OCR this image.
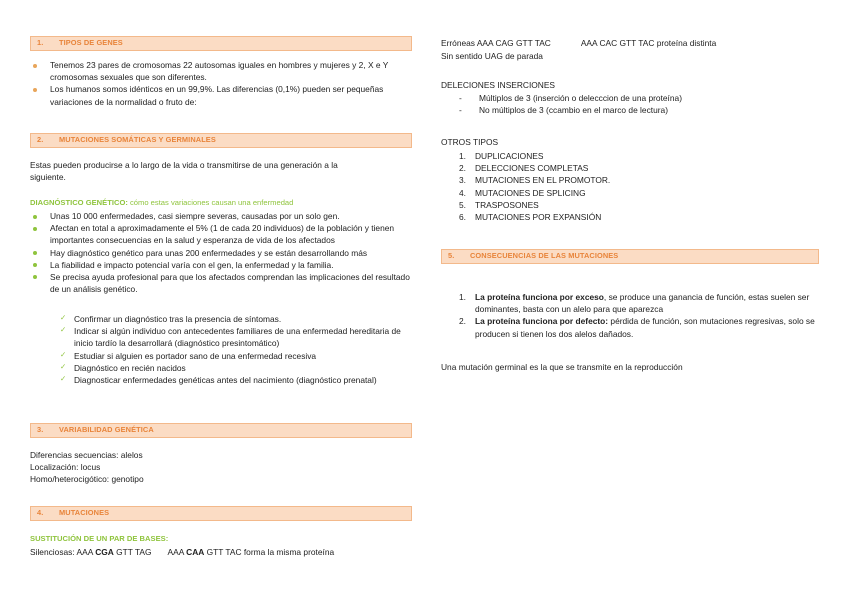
1.	TIPOS DE GENES
Tenemos 23 pares de cromosomas 22 autosomas iguales en hombres y mujeres y 2, X e Y cromosomas sexuales que son diferentes.
Los humanos somos idénticos en un 99,9%. Las diferencias (0,1%) pueden ser pequeñas variaciones de la normalidad o fruto de:
2.	MUTACIONES SOMÁTICAS Y GERMINALES
Estas pueden producirse a lo largo de la vida o transmitirse de una generación a la siguiente.
DIAGNÓSTICO GENÉTICO: cómo estas variaciones causan una enfermedad
Unas 10 000 enfermedades, casi siempre severas, causadas por un solo gen.
Afectan en total a aproximadamente el 5% (1 de cada 20 individuos) de la población y tienen importantes consecuencias en la salud y esperanza de vida de los afectados
Hay diagnóstico genético para unas 200 enfermedades y se están desarrollando más
La fiabilidad e impacto potencial varía con el gen, la enfermedad y la familia.
Se precisa ayuda profesional para que los afectados comprendan las implicaciones del resultado de un análisis genético.
✓ Confirmar un diagnóstico tras la presencia de síntomas.
✓ Indicar si algún individuo con antecedentes familiares de una enfermedad hereditaria de inicio tardío la desarrollará (diagnóstico presintomático)
✓ Estudiar si alguien es portador sano de una enfermedad recesiva
✓ Diagnóstico en recién nacidos
✓ Diagnosticar enfermedades genéticas antes del nacimiento (diagnóstico prenatal)
3.	VARIABILIDAD GENÉTICA
Diferencias secuencias: alelos
Localización: locus
Homo/heterocigótico: genotipo
4.	MUTACIONES
SUSTITUCIÓN DE UN PAR DE BASES:
Silenciosas: AAA CGA GTT TAG AAA CAA GTT TAC forma la misma proteína
Erróneas AAA CAG GTT TAC	AAA CAC GTT TAC proteína distinta
Sin sentido UAG de parada
DELECIONES INSERCIONES
- Múltiplos de 3 (inserción o delecccion de una proteína)
- No múltiplos de 3 (ccambio en el marco de lectura)
OTROS TIPOS
1. DUPLICACIONES
2. DELECCIONES COMPLETAS
3. MUTACIONES EN EL PROMOTOR.
4. MUTACIONES DE SPLICING
5. TRASPOSONES
6. MUTACIONES POR EXPANSIÓN
5.	CONSECUENCIAS DE LAS MUTACIONES
1. La proteína funciona por exceso, se produce una ganancia de función, estas suelen ser dominantes, basta con un alelo para que aparezca
2. La proteína funciona por defecto: pérdida de función, son mutaciones regresivas, solo se producen si tienen los dos alelos dañados.
Una mutación germinal es la que se transmite en la reproducción
